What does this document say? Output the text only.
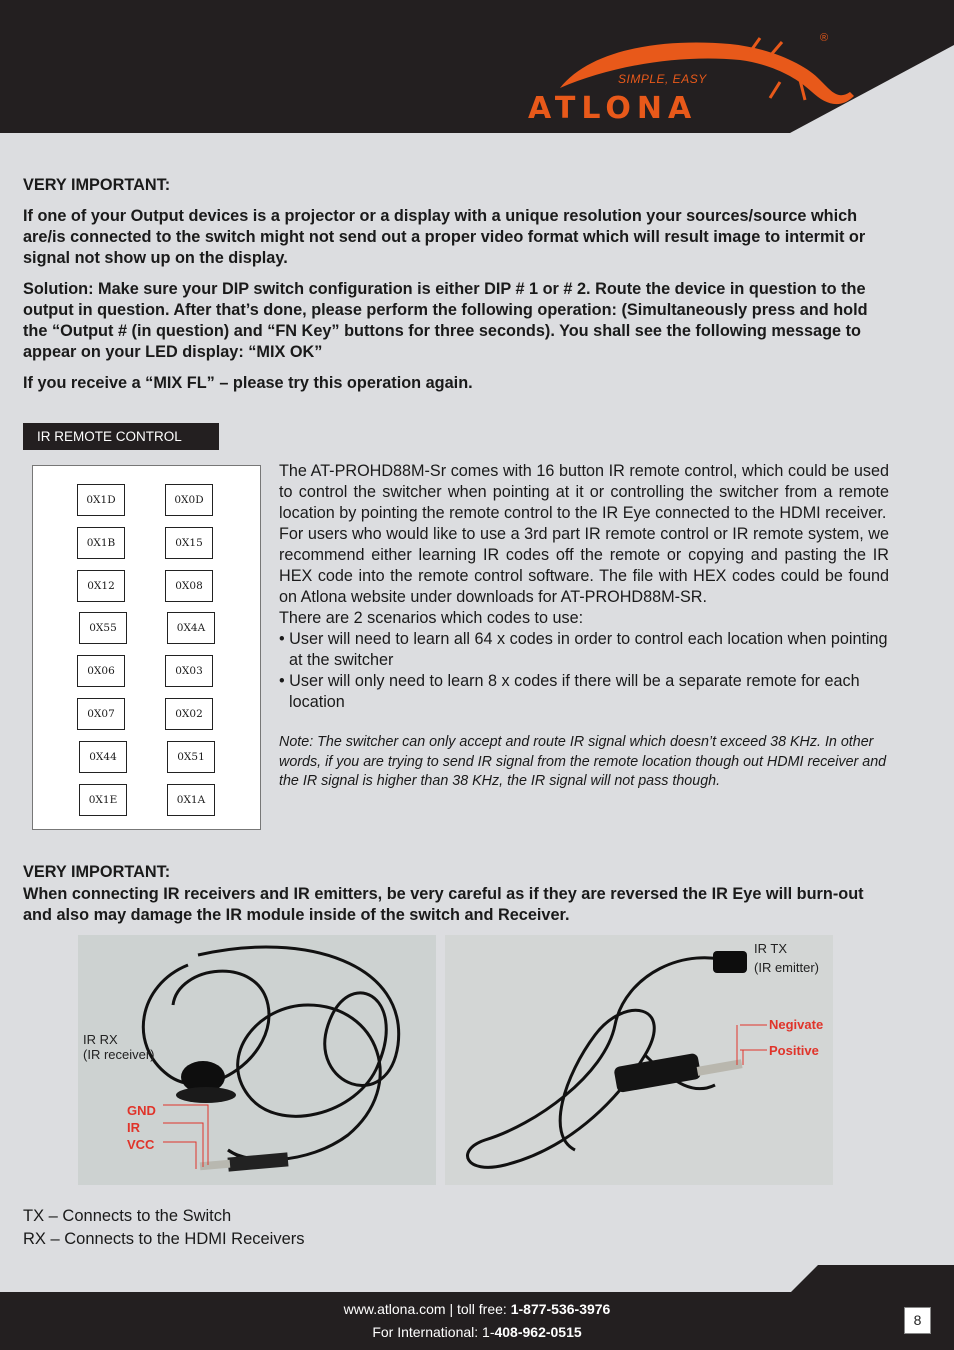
ATLONA
SIMPLE, EASY
®

VERY IMPORTANT:

If one of your Output devices is a projector or a display with a unique resolution your sources/source which are/is connected to the switch might not send out a proper video format which will result image to intermit or signal not show up on the display.

Solution: Make sure your DIP switch configuration is either DIP # 1 or # 2. Route the device in question to the output in question. After that’s done, please perform the following operation: (Simultaneously press and hold the “Output # (in question) and “FN Key” buttons for three seconds). You shall see the following message to appear on your LED display: “MIX OK”

If you receive a “MIX FL” – please try this operation again.

IR REMOTE CONTROL
0X1D
0X1B
0X12
0X55
0X06
0X07
0X44
0X1E
0X0D
0X15
0X08
0X4A
0X03
0X02
0X51
0X1A

The AT-PROHD88M-Sr comes with 16 button IR remote control, which could be used to control the switcher when pointing at it or controlling the switcher from a remote location by pointing the remote control to the IR Eye connected to the HDMI receiver.

For users who would like to use a 3rd part IR remote control or IR remote system, we recommend either learning IR codes off the remote or copying and pasting the IR HEX code into the remote control software. The file with HEX codes could be found on Atlona website under downloads for AT-PROHD88M-SR.

There are 2 scenarios which codes to use:

• User will need to learn all 64 x codes in order to control each location when pointing at the switcher

• User will only need to learn 8 x codes if there will be a separate remote for each location

Note: The switcher can only accept and route IR signal which doesn’t exceed 38 KHz. In other words, if you are trying to send IR signal from the remote location though out HDMI receiver and the IR signal is higher than 38 KHz, the IR signal will not pass though.

VERY IMPORTANT:

When connecting IR receivers and IR emitters, be very careful as if they are reversed the IR Eye will burn-out and also may damage the IR module inside of the switch and Receiver.

IR RX
(IR receiver)
GND
IR
VCC
IR TX
(IR emitter)
Negivate
Positive

TX – Connects to the Switch

RX – Connects to the HDMI Receivers

www.atlona.com | toll free: 1-877-536-3976
For International: 1-408-962-0515
8
